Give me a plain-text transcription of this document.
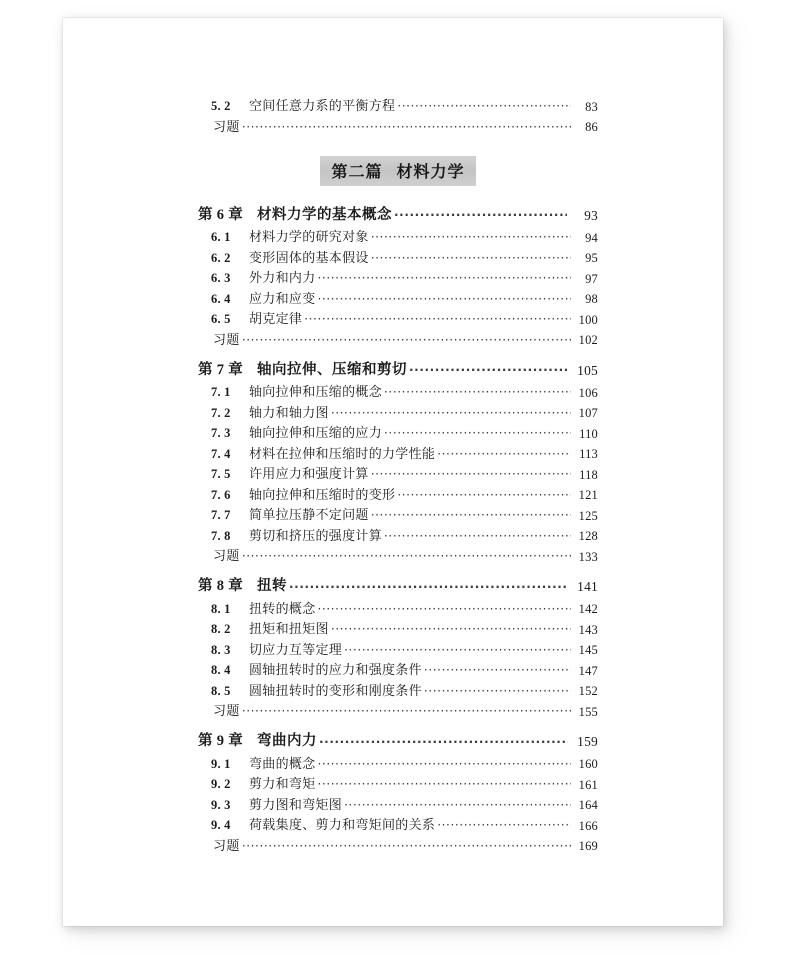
5. 2	空间任意力系的平衡方程 ·····	83
习题 ·····	86
第二篇 材料力学
第 6 章 材料力学的基本概念 ·····	93
6. 1	材料力学的研究对象 ·····	94
6. 2	变形固体的基本假设 ·····	95
6. 3	外力和内力 ·····	97
6. 4	应力和应变 ·····	98
6. 5	胡克定律 ·····	100
习题 ·····	102
第 7 章 轴向拉伸、压缩和剪切 ·····	105
7. 1	轴向拉伸和压缩的概念 ·····	106
7. 2	轴力和轴力图 ·····	107
7. 3	轴向拉伸和压缩的应力 ·····	110
7. 4	材料在拉伸和压缩时的力学性能 ·····	113
7. 5	许用应力和强度计算 ·····	118
7. 6	轴向拉伸和压缩时的变形 ·····	121
7. 7	简单拉压静不定问题 ·····	125
7. 8	剪切和挤压的强度计算 ·····	128
习题 ·····	133
第 8 章 扭转 ·····	141
8. 1	扭转的概念 ·····	142
8. 2	扭矩和扭矩图 ·····	143
8. 3	切应力互等定理 ·····	145
8. 4	圆轴扭转时的应力和强度条件 ·····	147
8. 5	圆轴扭转时的变形和刚度条件 ·····	152
习题 ·····	155
第 9 章 弯曲内力 ·····	159
9. 1	弯曲的概念 ·····	160
9. 2	剪力和弯矩 ·····	161
9. 3	剪力图和弯矩图 ·····	164
9. 4	荷载集度、剪力和弯矩间的关系 ·····	166
习题 ·····	169
